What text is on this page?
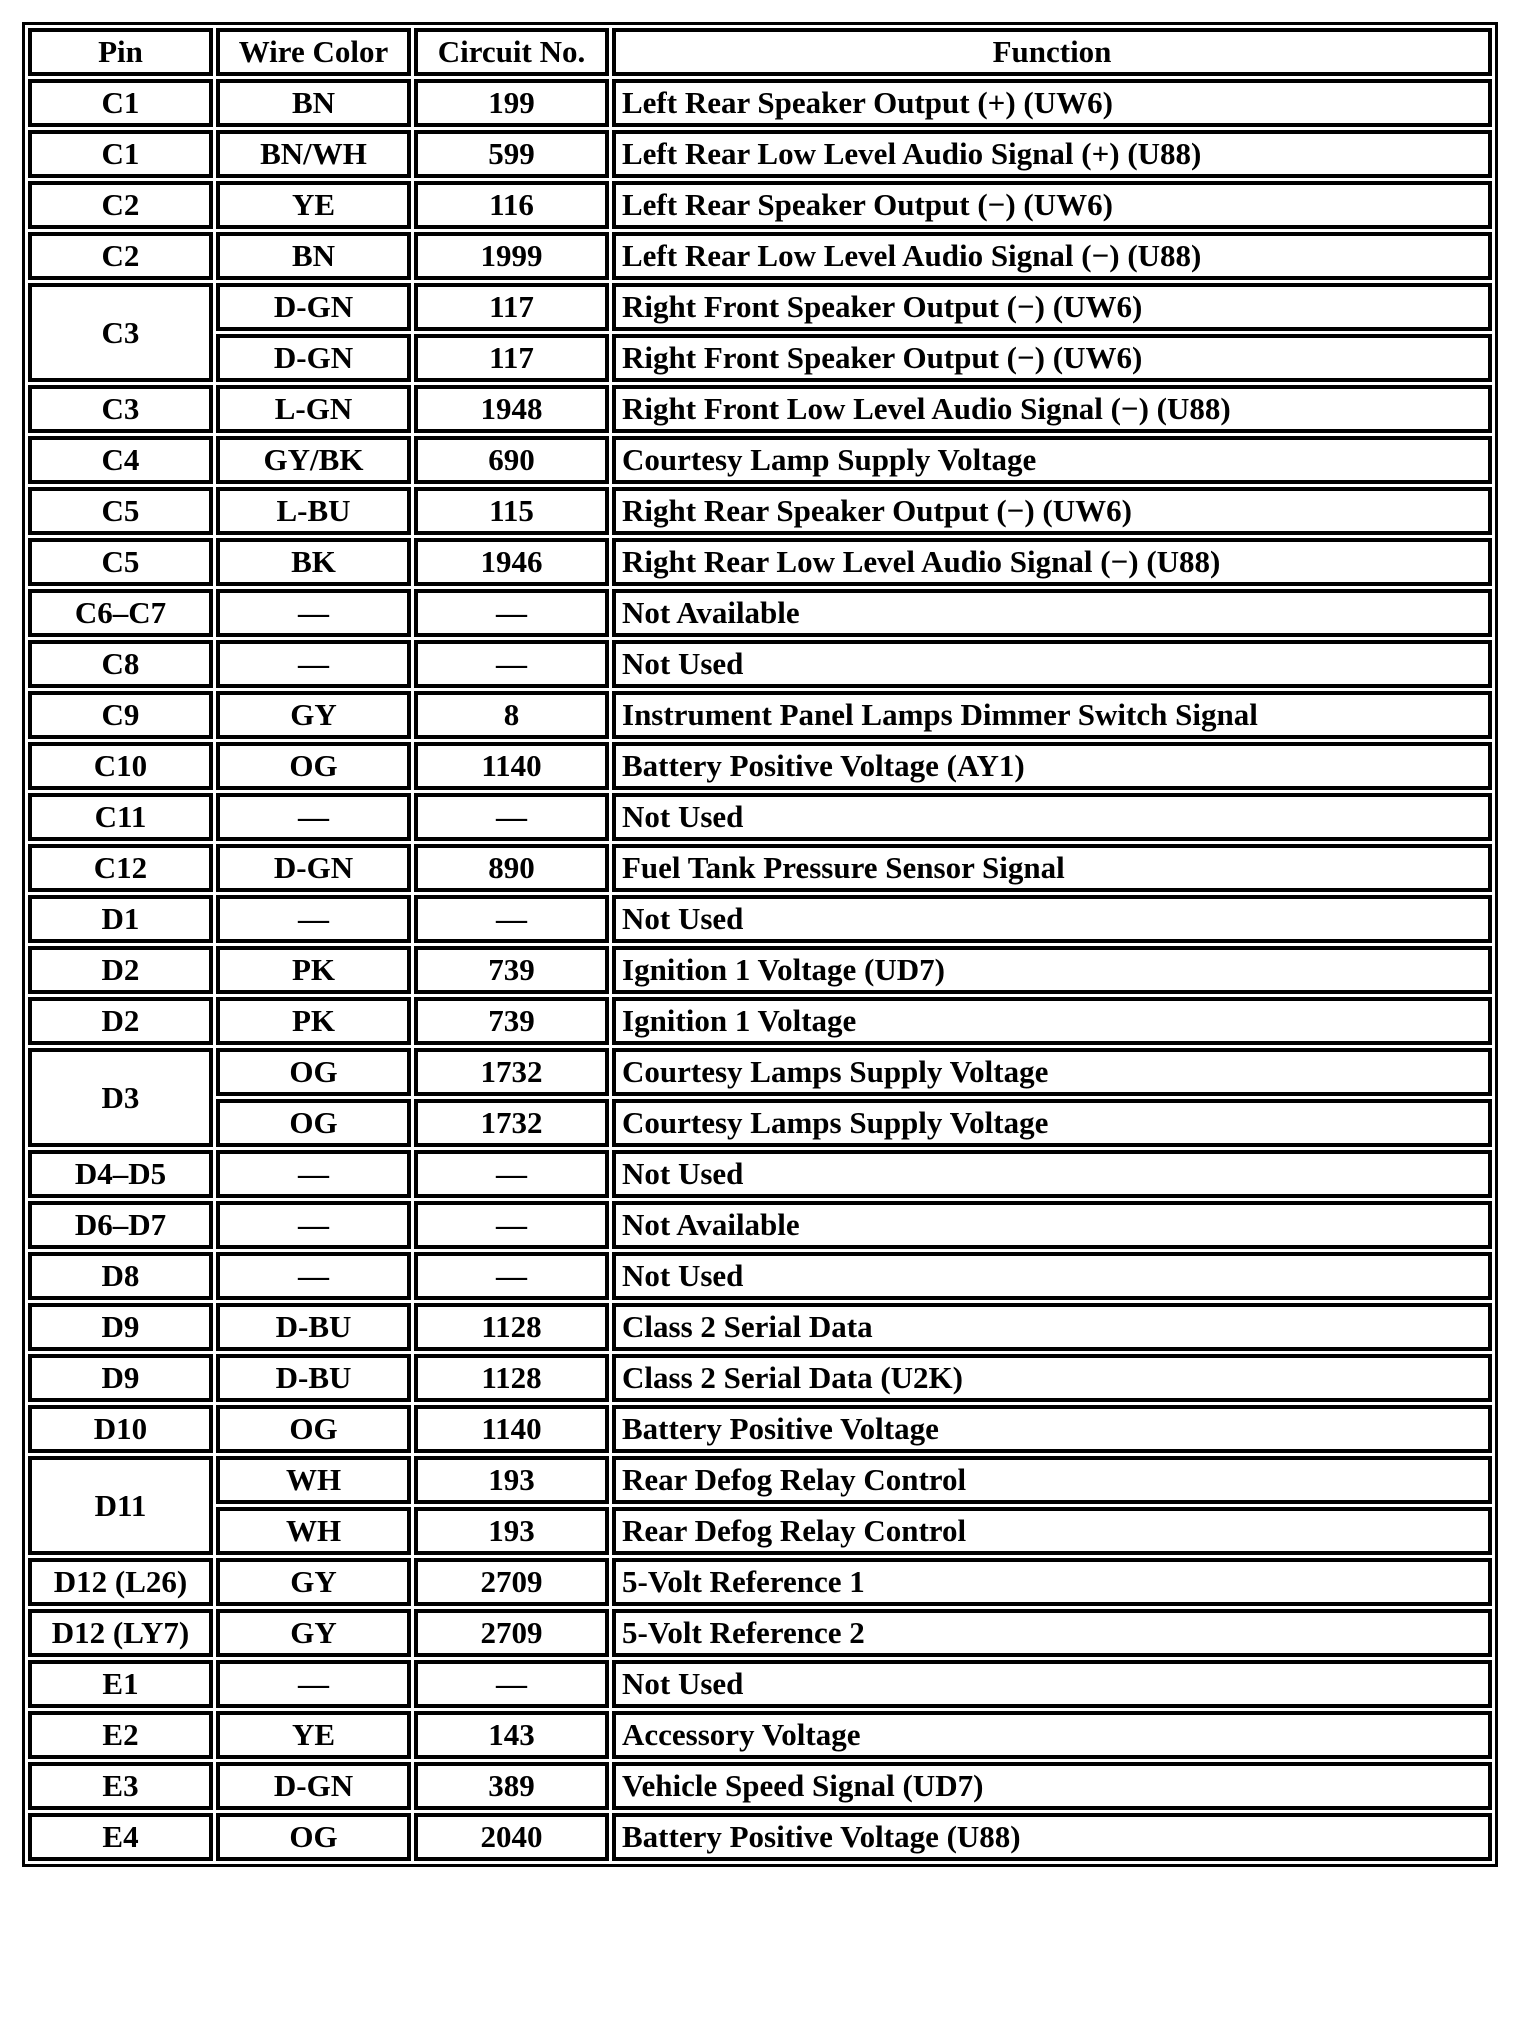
Pin	Wire Color	Circuit No.	Function
C1	BN	199	Left Rear Speaker Output (+) (UW6)
C1	BN/WH	599	Left Rear Low Level Audio Signal (+) (U88)
C2	YE	116	Left Rear Speaker Output (−) (UW6)
C2	BN	1999	Left Rear Low Level Audio Signal (−) (U88)
C3	D-GN	117	Right Front Speaker Output (−) (UW6)
	D-GN	117	Right Front Speaker Output (−) (UW6)
C3	L-GN	1948	Right Front Low Level Audio Signal (−) (U88)
C4	GY/BK	690	Courtesy Lamp Supply Voltage
C5	L-BU	115	Right Rear Speaker Output (−) (UW6)
C5	BK	1946	Right Rear Low Level Audio Signal (−) (U88)
C6–C7	—	—	Not Available
C8	—	—	Not Used
C9	GY	8	Instrument Panel Lamps Dimmer Switch Signal
C10	OG	1140	Battery Positive Voltage (AY1)
C11	—	—	Not Used
C12	D-GN	890	Fuel Tank Pressure Sensor Signal
D1	—	—	Not Used
D2	PK	739	Ignition 1 Voltage (UD7)
D2	PK	739	Ignition 1 Voltage
D3	OG	1732	Courtesy Lamps Supply Voltage
	OG	1732	Courtesy Lamps Supply Voltage
D4–D5	—	—	Not Used
D6–D7	—	—	Not Available
D8	—	—	Not Used
D9	D-BU	1128	Class 2 Serial Data
D9	D-BU	1128	Class 2 Serial Data (U2K)
D10	OG	1140	Battery Positive Voltage
D11	WH	193	Rear Defog Relay Control
	WH	193	Rear Defog Relay Control
D12 (L26)	GY	2709	5-Volt Reference 1
D12 (LY7)	GY	2709	5-Volt Reference 2
E1	—	—	Not Used
E2	YE	143	Accessory Voltage
E3	D-GN	389	Vehicle Speed Signal (UD7)
E4	OG	2040	Battery Positive Voltage (U88)
